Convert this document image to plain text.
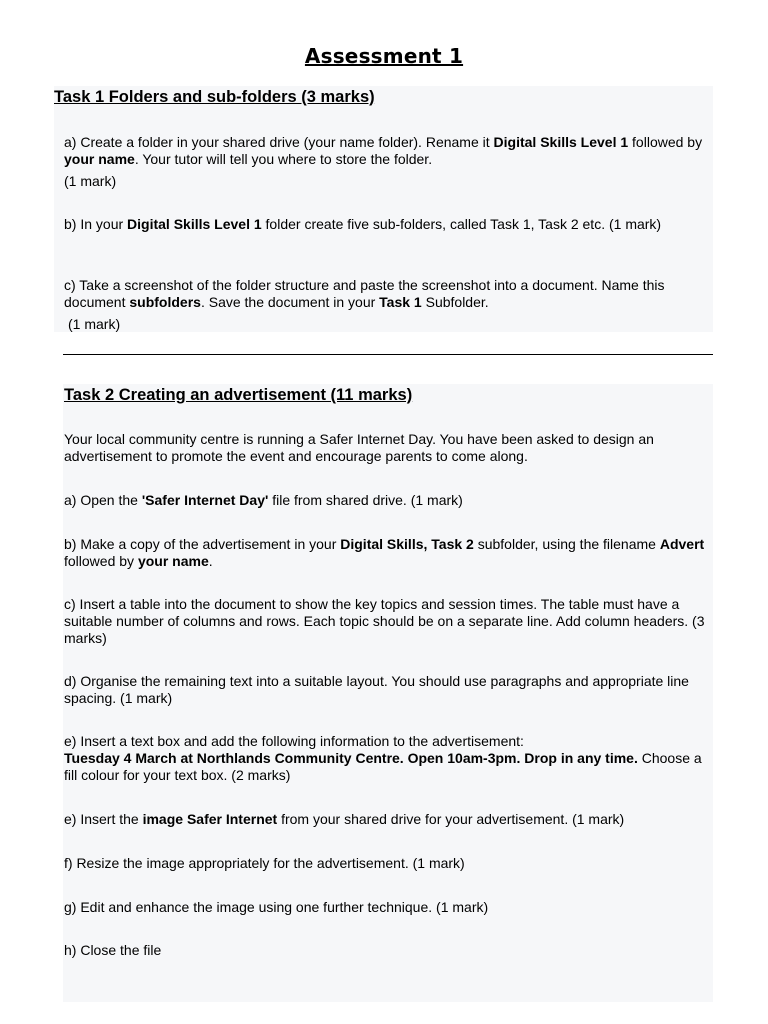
Assessment 1
Task 1 Folders and sub-folders (3 marks)
a) Create a folder in your shared drive (your name folder). Rename it Digital Skills Level 1 followed by your name. Your tutor will tell you where to store the folder.
(1 mark)
b) In your Digital Skills Level 1 folder create five sub-folders, called Task 1, Task 2 etc. (1 mark)
c) Take a screenshot of the folder structure and paste the screenshot into a document. Name this document subfolders. Save the document in your Task 1 Subfolder.
(1 mark)
Task 2 Creating an advertisement (11 marks)
Your local community centre is running a Safer Internet Day. You have been asked to design an advertisement to promote the event and encourage parents to come along.
a) Open the 'Safer Internet Day' file from shared drive. (1 mark)
b) Make a copy of the advertisement in your Digital Skills, Task 2 subfolder, using the filename Advert followed by your name.
c) Insert a table into the document to show the key topics and session times. The table must have a suitable number of columns and rows. Each topic should be on a separate line. Add column headers. (3 marks)
d) Organise the remaining text into a suitable layout. You should use paragraphs and appropriate line spacing. (1 mark)
e) Insert a text box and add the following information to the advertisement:
Tuesday 4 March at Northlands Community Centre. Open 10am-3pm. Drop in any time. Choose a fill colour for your text box. (2 marks)
e) Insert the image Safer Internet from your shared drive for your advertisement. (1 mark)
f) Resize the image appropriately for the advertisement. (1 mark)
g) Edit and enhance the image using one further technique. (1 mark)
h) Close the file
